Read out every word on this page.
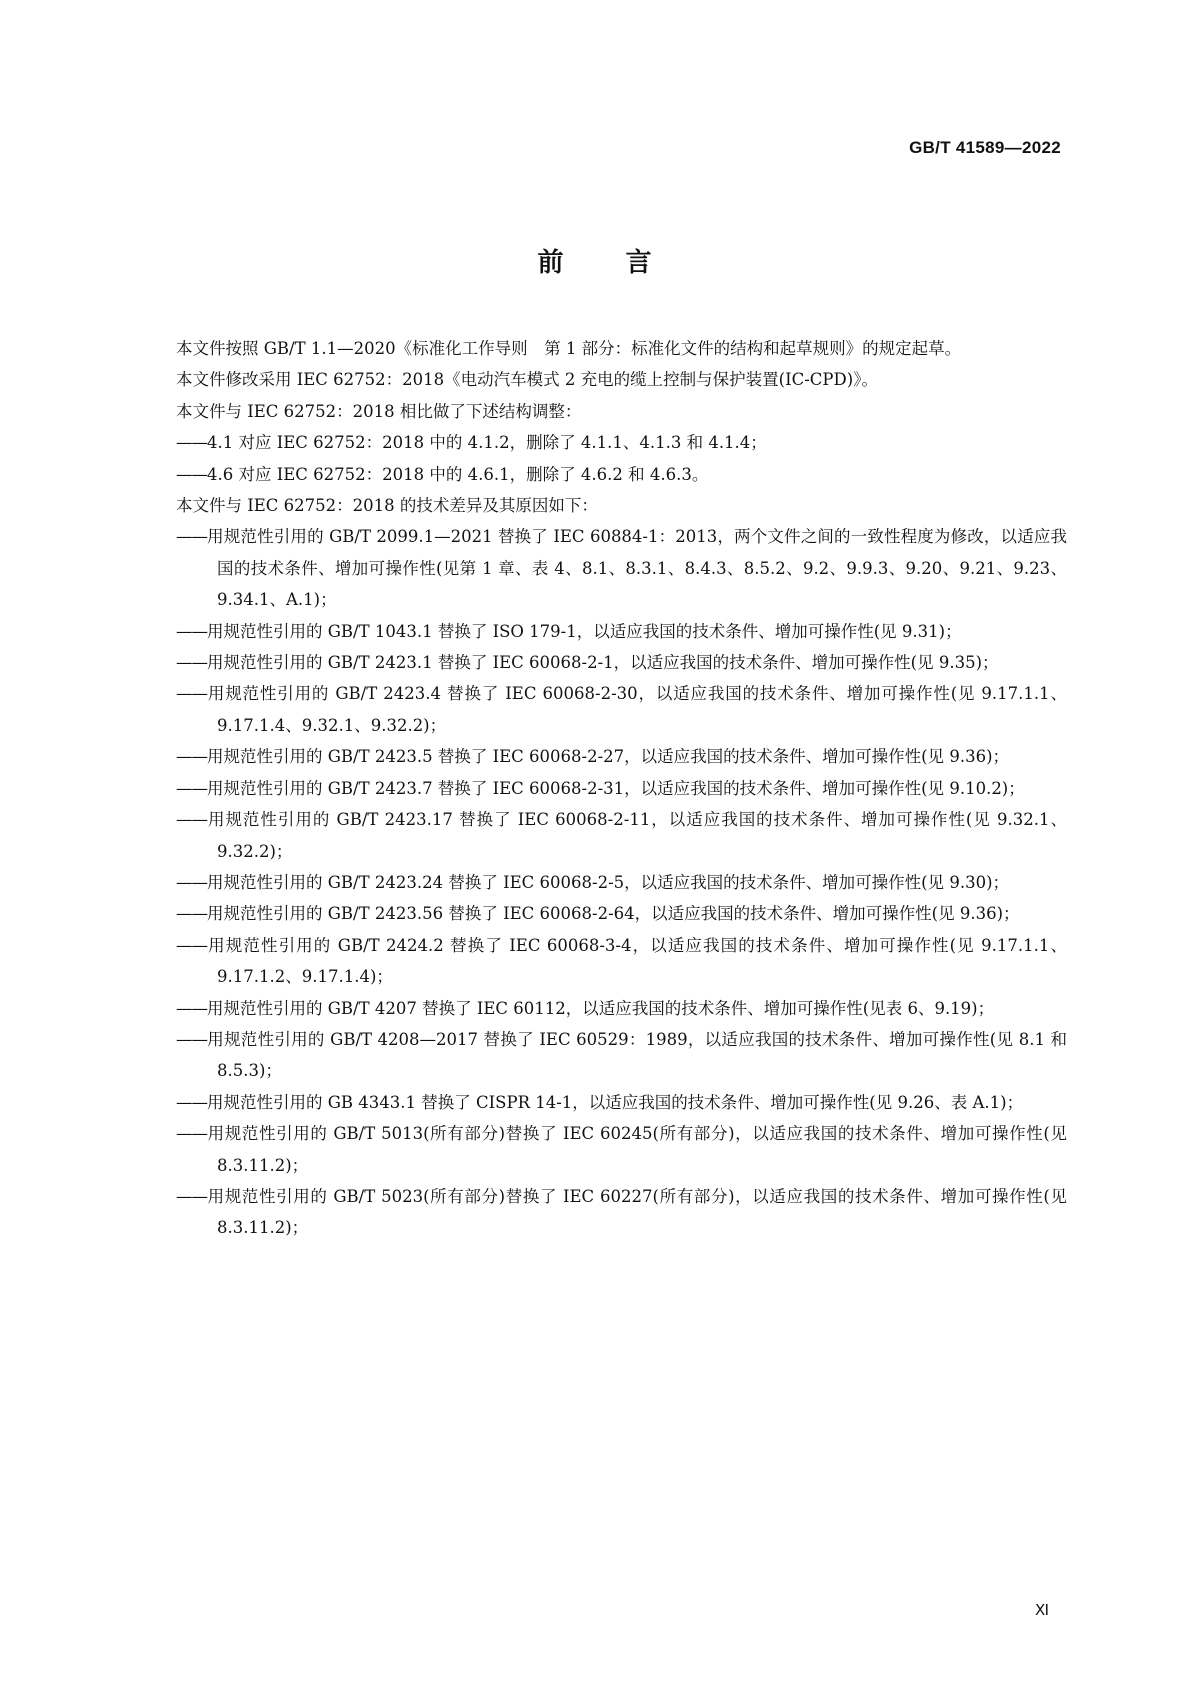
GB/T 41589—2022
前 言

本文件按照 GB/T 1.1—2020《标准化工作导则　第 1 部分：标准化文件的结构和起草规则》的规定起草。

本文件修改采用 IEC 62752：2018《电动汽车模式 2 充电的缆上控制与保护装置(IC-CPD)》。

本文件与 IEC 62752：2018 相比做了下述结构调整：

——4.1 对应 IEC 62752：2018 中的 4.1.2，删除了 4.1.1、4.1.3 和 4.1.4；

——4.6 对应 IEC 62752：2018 中的 4.6.1，删除了 4.6.2 和 4.6.3。

本文件与 IEC 62752：2018 的技术差异及其原因如下：

——用规范性引用的 GB/T 2099.1—2021 替换了 IEC 60884-1：2013，两个文件之间的一致性程度为修改，以适应我国的技术条件、增加可操作性(见第 1 章、表 4、8.1、8.3.1、8.4.3、8.5.2、9.2、9.9.3、9.20、9.21、9.23、9.34.1、A.1)；

——用规范性引用的 GB/T 1043.1 替换了 ISO 179-1，以适应我国的技术条件、增加可操作性(见 9.31)；

——用规范性引用的 GB/T 2423.1 替换了 IEC 60068-2-1，以适应我国的技术条件、增加可操作性(见 9.35)；

——用规范性引用的 GB/T 2423.4 替换了 IEC 60068-2-30，以适应我国的技术条件、增加可操作性(见 9.17.1.1、9.17.1.4、9.32.1、9.32.2)；

——用规范性引用的 GB/T 2423.5 替换了 IEC 60068-2-27，以适应我国的技术条件、增加可操作性(见 9.36)；

——用规范性引用的 GB/T 2423.7 替换了 IEC 60068-2-31，以适应我国的技术条件、增加可操作性(见 9.10.2)；

——用规范性引用的 GB/T 2423.17 替换了 IEC 60068-2-11，以适应我国的技术条件、增加可操作性(见 9.32.1、9.32.2)；

——用规范性引用的 GB/T 2423.24 替换了 IEC 60068-2-5，以适应我国的技术条件、增加可操作性(见 9.30)；

——用规范性引用的 GB/T 2423.56 替换了 IEC 60068-2-64，以适应我国的技术条件、增加可操作性(见 9.36)；

——用规范性引用的 GB/T 2424.2 替换了 IEC 60068-3-4，以适应我国的技术条件、增加可操作性(见 9.17.1.1、9.17.1.2、9.17.1.4)；

——用规范性引用的 GB/T 4207 替换了 IEC 60112，以适应我国的技术条件、增加可操作性(见表 6、9.19)；

——用规范性引用的 GB/T 4208—2017 替换了 IEC 60529：1989，以适应我国的技术条件、增加可操作性(见 8.1 和 8.5.3)；

——用规范性引用的 GB 4343.1 替换了 CISPR 14-1，以适应我国的技术条件、增加可操作性(见 9.26、表 A.1)；

——用规范性引用的 GB/T 5013(所有部分)替换了 IEC 60245(所有部分)，以适应我国的技术条件、增加可操作性(见 8.3.11.2)；

——用规范性引用的 GB/T 5023(所有部分)替换了 IEC 60227(所有部分)，以适应我国的技术条件、增加可操作性(见 8.3.11.2)；

Ⅺ
